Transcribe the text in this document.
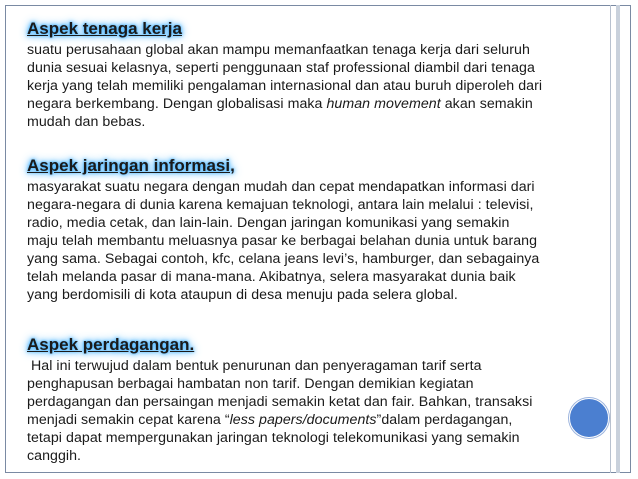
Aspek tenaga kerja
suatu perusahaan global akan mampu memanfaatkan tenaga kerja dari seluruh
dunia sesuai kelasnya, seperti penggunaan staf professional diambil dari tenaga
kerja yang telah memiliki pengalaman internasional dan atau buruh diperoleh dari
negara berkembang. Dengan globalisasi maka human movement akan semakin
mudah dan bebas.
Aspek jaringan informasi,
masyarakat suatu negara dengan mudah dan cepat mendapatkan informasi dari
negara-negara di dunia karena kemajuan teknologi, antara lain melalui : televisi,
radio, media cetak, dan lain-lain. Dengan jaringan komunikasi yang semakin
maju telah membantu meluasnya pasar ke berbagai belahan dunia untuk barang
yang sama. Sebagai contoh, kfc, celana jeans levi’s, hamburger, dan sebagainya
telah melanda pasar di mana-mana. Akibatnya, selera masyarakat dunia baik
yang berdomisili di kota ataupun di desa menuju pada selera global.
Aspek perdagangan.
Hal ini terwujud dalam bentuk penurunan dan penyeragaman tarif serta
penghapusan berbagai hambatan non tarif. Dengan demikian kegiatan
perdagangan dan persaingan menjadi semakin ketat dan fair. Bahkan, transaksi
menjadi semakin cepat karena “less papers/documents”dalam perdagangan,
tetapi dapat mempergunakan jaringan teknologi telekomunikasi yang semakin
canggih.
